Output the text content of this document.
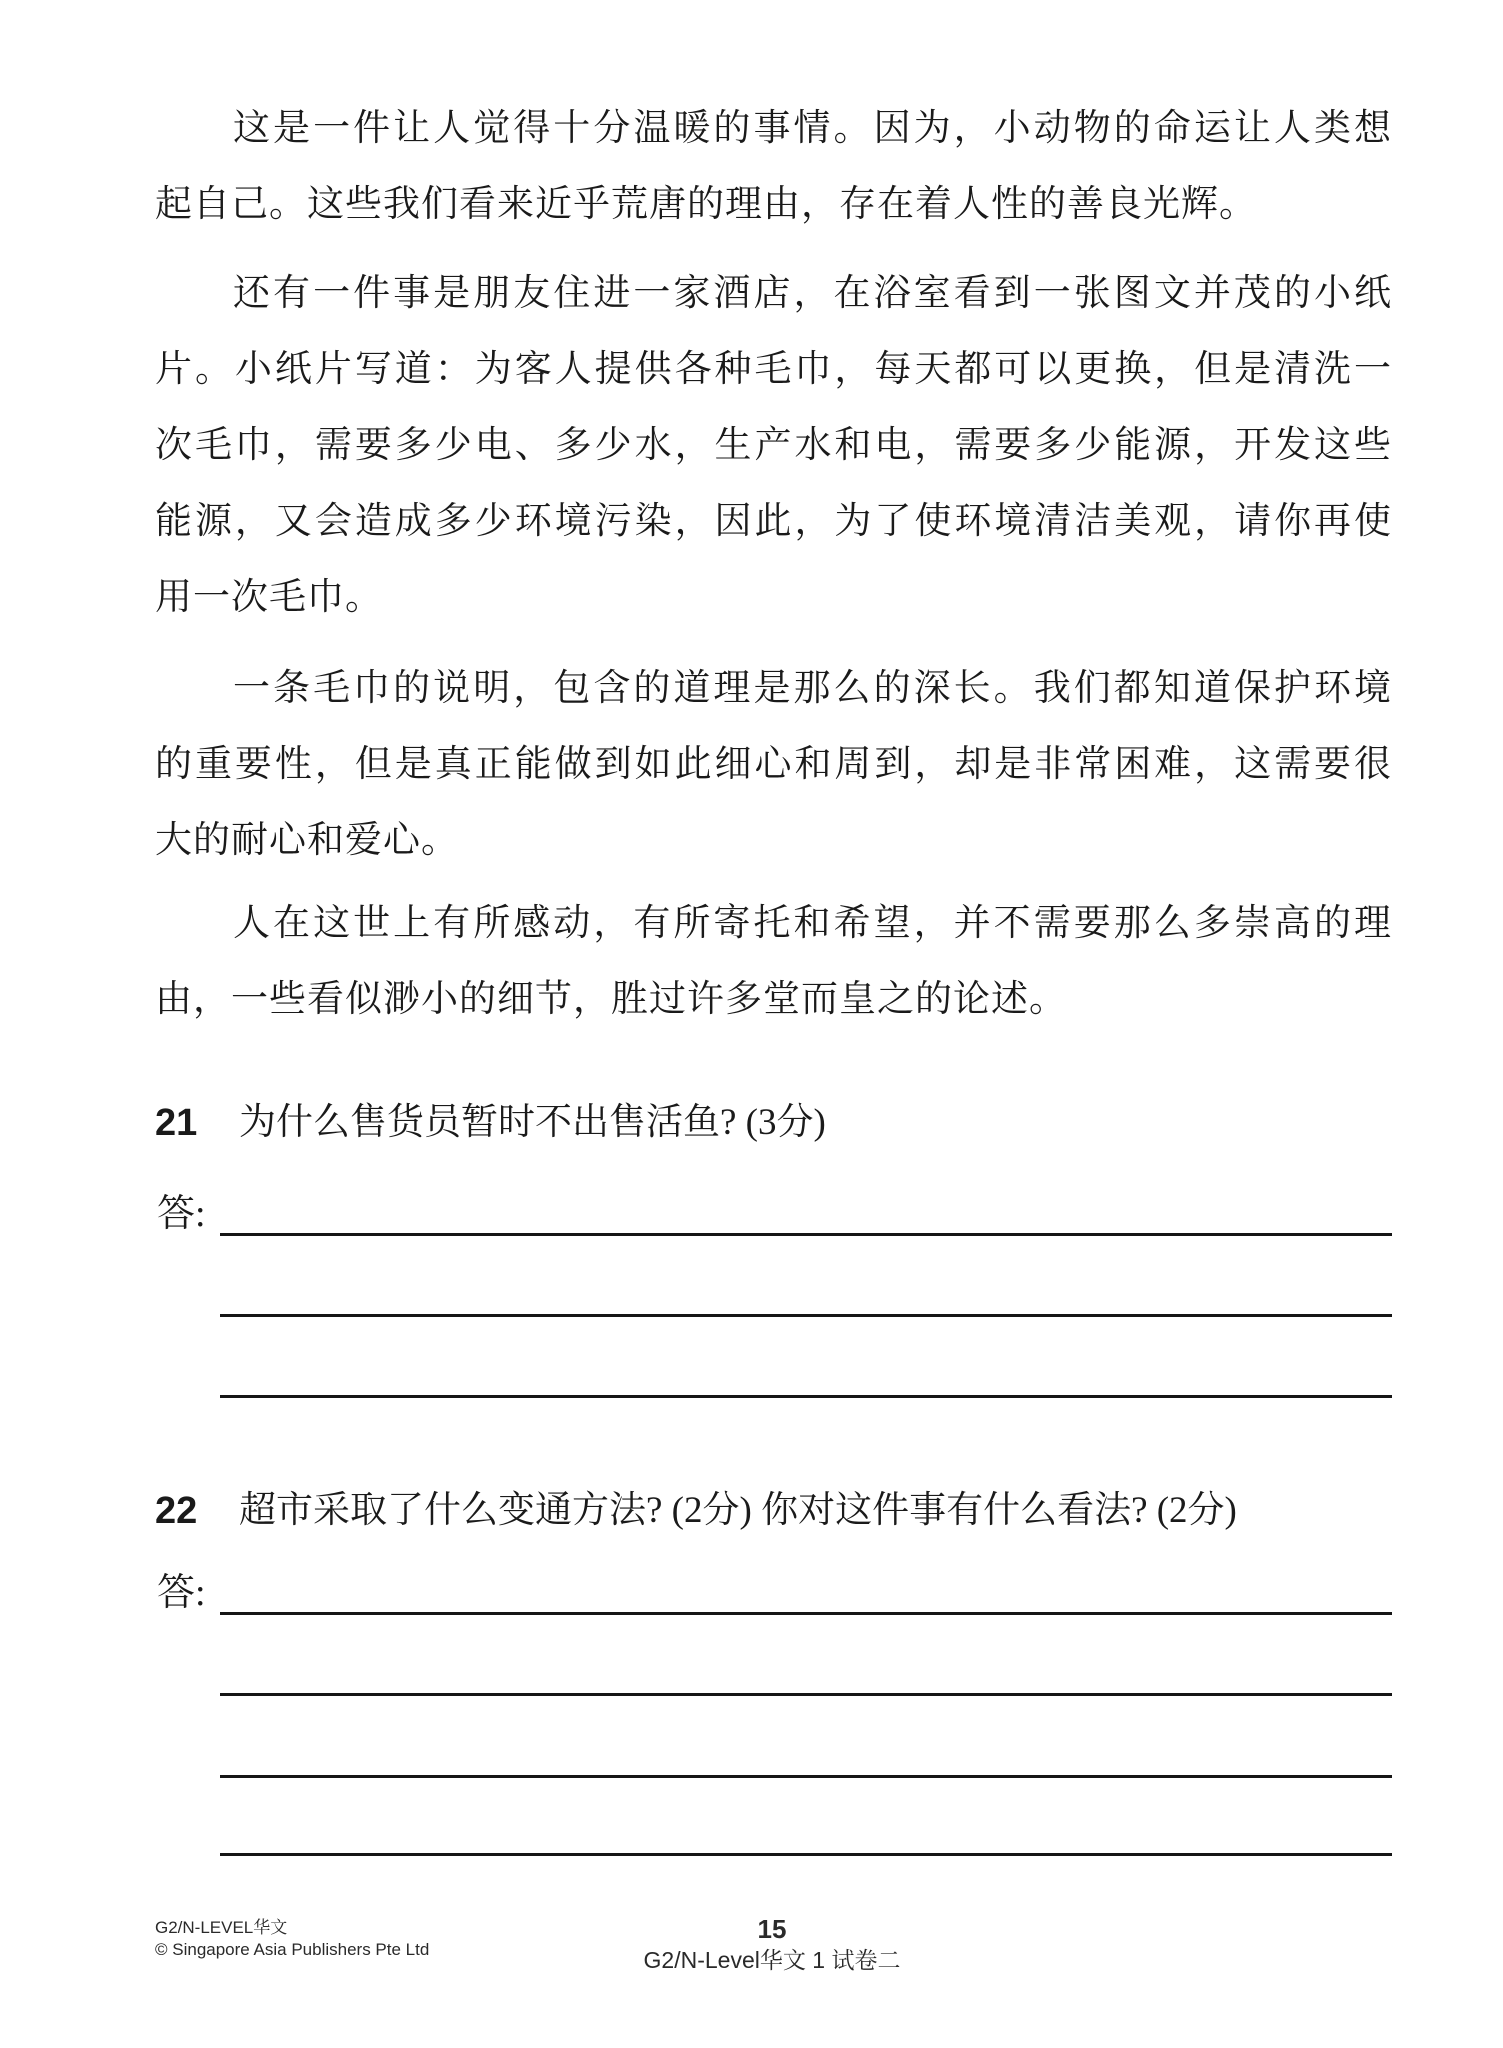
这是一件让人觉得十分温暖的事情。因为，小动物的命运让人类想
起自己。这些我们看来近乎荒唐的理由，存在着人性的善良光辉。
还有一件事是朋友住进一家酒店，在浴室看到一张图文并茂的小纸
片。小纸片写道：为客人提供各种毛巾，每天都可以更换，但是清洗一
次毛巾，需要多少电、多少水，生产水和电，需要多少能源，开发这些
能源，又会造成多少环境污染，因此，为了使环境清洁美观，请你再使
用一次毛巾。
一条毛巾的说明，包含的道理是那么的深长。我们都知道保护环境
的重要性，但是真正能做到如此细心和周到，却是非常困难，这需要很
大的耐心和爱心。
人在这世上有所感动，有所寄托和希望，并不需要那么多崇高的理
由，一些看似渺小的细节，胜过许多堂而皇之的论述。
21	为什么售货员暂时不出售活鱼? (3分)
答:
22	超市采取了什么变通方法? (2分) 你对这件事有什么看法? (2分)
答:
G2/N-LEVEL华文
© Singapore Asia Publishers Pte Ltd
15
G2/N-Level华文 1 试卷二
